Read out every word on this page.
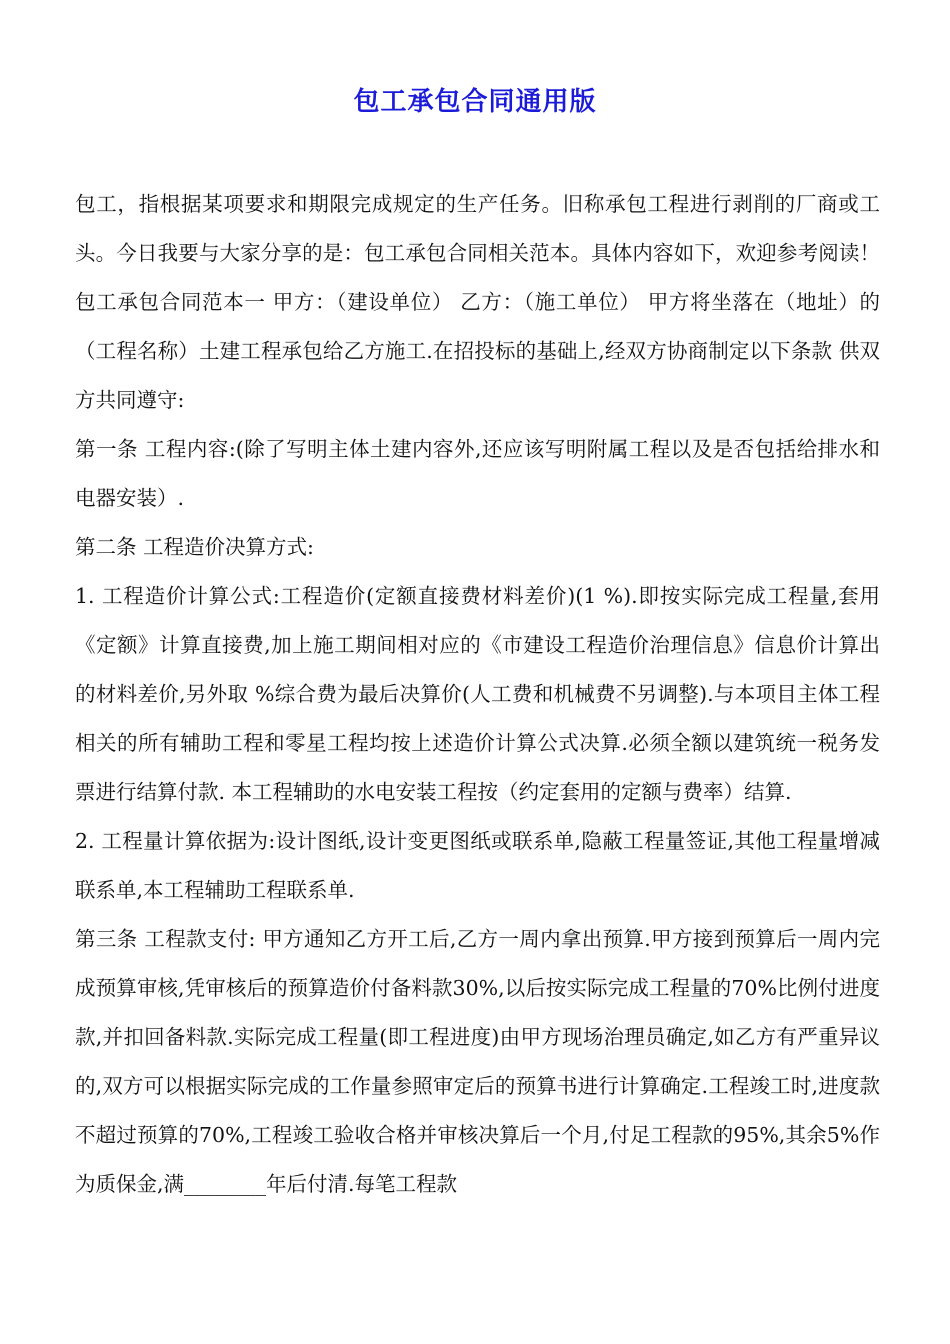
包工承包合同通用版

包工，指根据某项要求和期限完成规定的生产任务。旧称承包工程进行剥削的厂商或工头。今日我要与大家分享的是：包工承包合同相关范本。具体内容如下，欢迎参考阅读！包工承包合同范本一 甲方：（建设单位） 乙方：（施工单位） 甲方将坐落在（地址）的（工程名称）土建工程承包给乙方施工.在招投标的基础上,经双方协商制定以下条款 供双方共同遵守:

第一条 工程内容:(除了写明主体土建内容外,还应该写明附属工程以及是否包括给排水和电器安装）.

第二条 工程造价决算方式:

1. 工程造价计算公式:工程造价(定额直接费材料差价)(1 %).即按实际完成工程量,套用《定额》计算直接费,加上施工期间相对应的《市建设工程造价治理信息》信息价计算出的材料差价,另外取 %综合费为最后决算价(人工费和机械费不另调整).与本项目主体工程相关的所有辅助工程和零星工程均按上述造价计算公式决算.必须全额以建筑统一税务发票进行结算付款. 本工程辅助的水电安装工程按（约定套用的定额与费率）结算.

2. 工程量计算依据为:设计图纸,设计变更图纸或联系单,隐蔽工程量签证,其他工程量增减联系单,本工程辅助工程联系单.

第三条 工程款支付: 甲方通知乙方开工后,乙方一周内拿出预算.甲方接到预算后一周内完成预算审核,凭审核后的预算造价付备料款30%,以后按实际完成工程量的70%比例付进度款,并扣回备料款.实际完成工程量(即工程进度)由甲方现场治理员确定,如乙方有严重异议的,双方可以根据实际完成的工作量参照审定后的预算书进行计算确定.工程竣工时,进度款不超过预算的70%,工程竣工验收合格并审核决算后一个月,付足工程款的95%,其余5%作为质保金,满________年后付清.每笔工程款
